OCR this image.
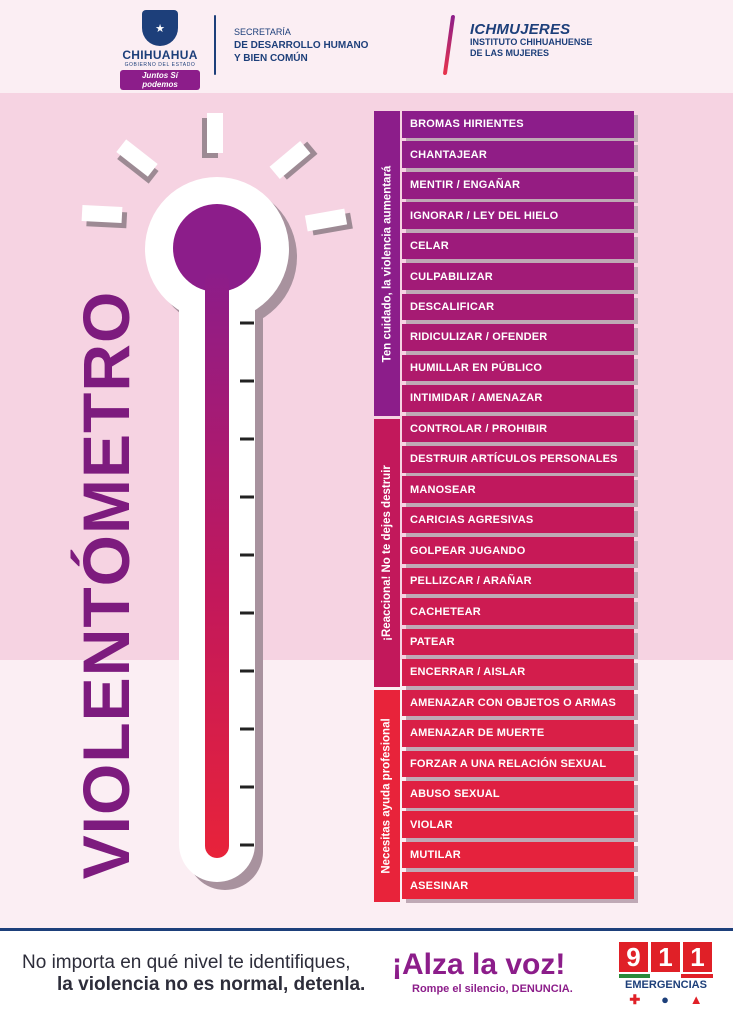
★
CHIHUAHUA
GOBIERNO DEL ESTADO
Juntos Sí podemos
SECRETARÍA
DE DESARROLLO HUMANO
Y BIEN COMÚN
ICHMUJERES
INSTITUTO CHIHUAHUENSE
DE LAS MUJERES
VIOLENTÓMETRO
Ten cuidado, la violencia aumentará
¡Reacciona! No te dejes destruir
Necesitas ayuda profesional
BROMAS HIRIENTES
CHANTAJEAR
MENTIR / ENGAÑAR
IGNORAR / LEY DEL HIELO
CELAR
CULPABILIZAR
DESCALIFICAR
RIDICULIZAR / OFENDER
HUMILLAR EN PÚBLICO
INTIMIDAR / AMENAZAR
CONTROLAR / PROHIBIR
DESTRUIR ARTÍCULOS PERSONALES
MANOSEAR
CARICIAS AGRESIVAS
GOLPEAR JUGANDO
PELLIZCAR / ARAÑAR
CACHETEAR
PATEAR
ENCERRAR / AISLAR
AMENAZAR CON OBJETOS O ARMAS
AMENAZAR DE MUERTE
FORZAR A UNA RELACIÓN SEXUAL
ABUSO SEXUAL
VIOLAR
MUTILAR
ASESINAR
No importa en qué nivel te identifiques,
la violencia no es normal, detenla.
¡Alza la voz!
Rompe el silencio, DENUNCIA.
9 1 1
EMERGENCIAS
✚ ● ▲
